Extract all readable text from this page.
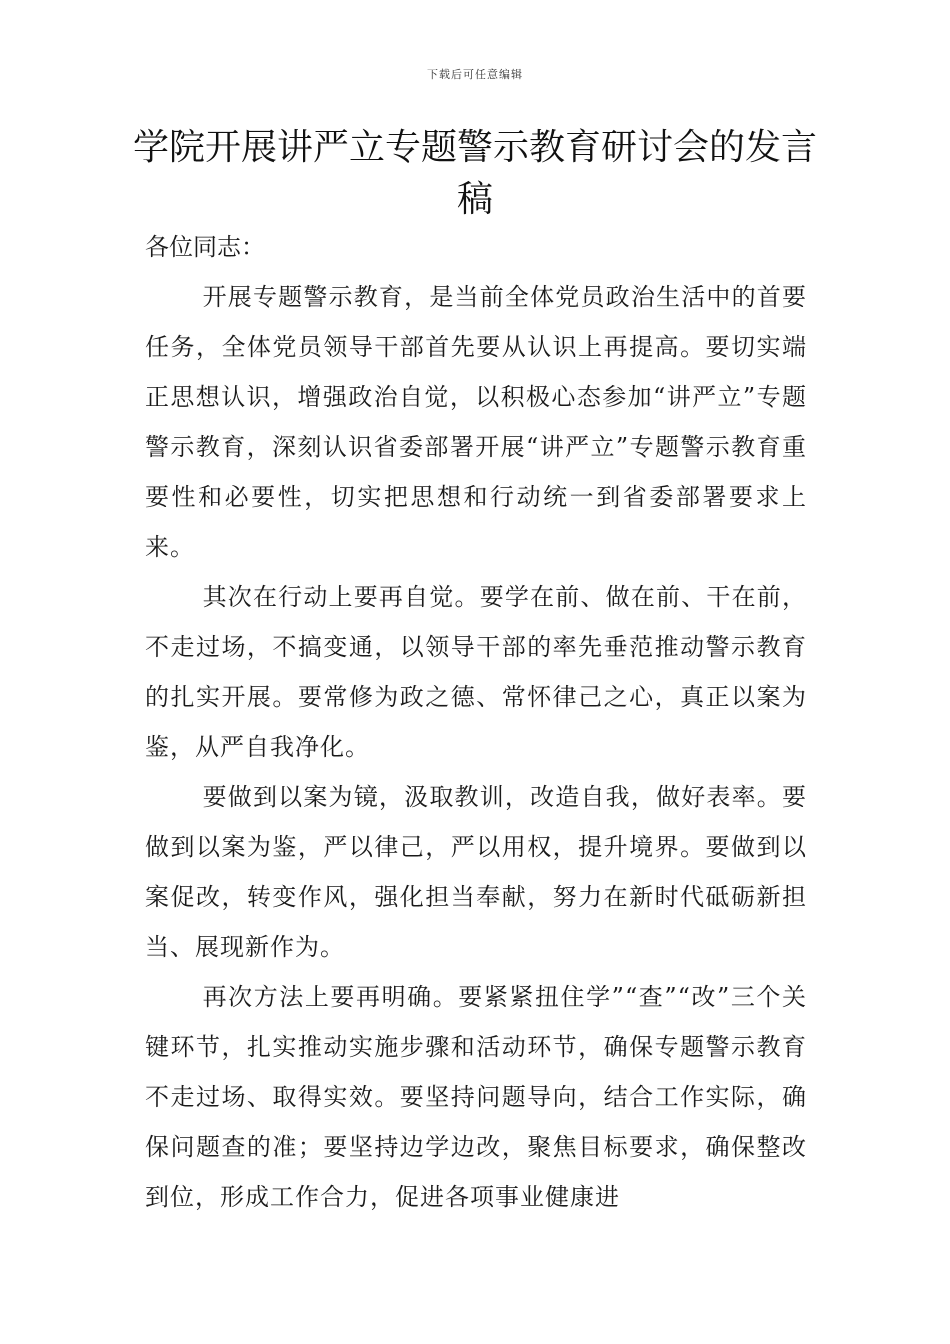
下载后可任意编辑
学院开展讲严立专题警示教育研讨会的发言稿

各位同志：

开展专题警示教育，是当前全体党员政治生活中的首要任务，全体党员领导干部首先要从认识上再提高。要切实端正思想认识，增强政治自觉，以积极心态参加“讲严立”专题警示教育，深刻认识省委部署开展“讲严立”专题警示教育重要性和必要性，切实把思想和行动统一到省委部署要求上来。

其次在行动上要再自觉。要学在前、做在前、干在前，不走过场，不搞变通，以领导干部的率先垂范推动警示教育的扎实开展。要常修为政之德、常怀律己之心，真正以案为鉴，从严自我净化。

要做到以案为镜，汲取教训，改造自我，做好表率。要做到以案为鉴，严以律己，严以用权，提升境界。要做到以案促改，转变作风，强化担当奉献，努力在新时代砥砺新担当、展现新作为。

再次方法上要再明确。要紧紧扭住学”“查”“改”三个关键环节，扎实推动实施步骤和活动环节，确保专题警示教育不走过场、取得实效。要坚持问题导向，结合工作实际，确保问题查的准；要坚持边学边改，聚焦目标要求，确保整改到位，形成工作合力，促进各项事业健康进
